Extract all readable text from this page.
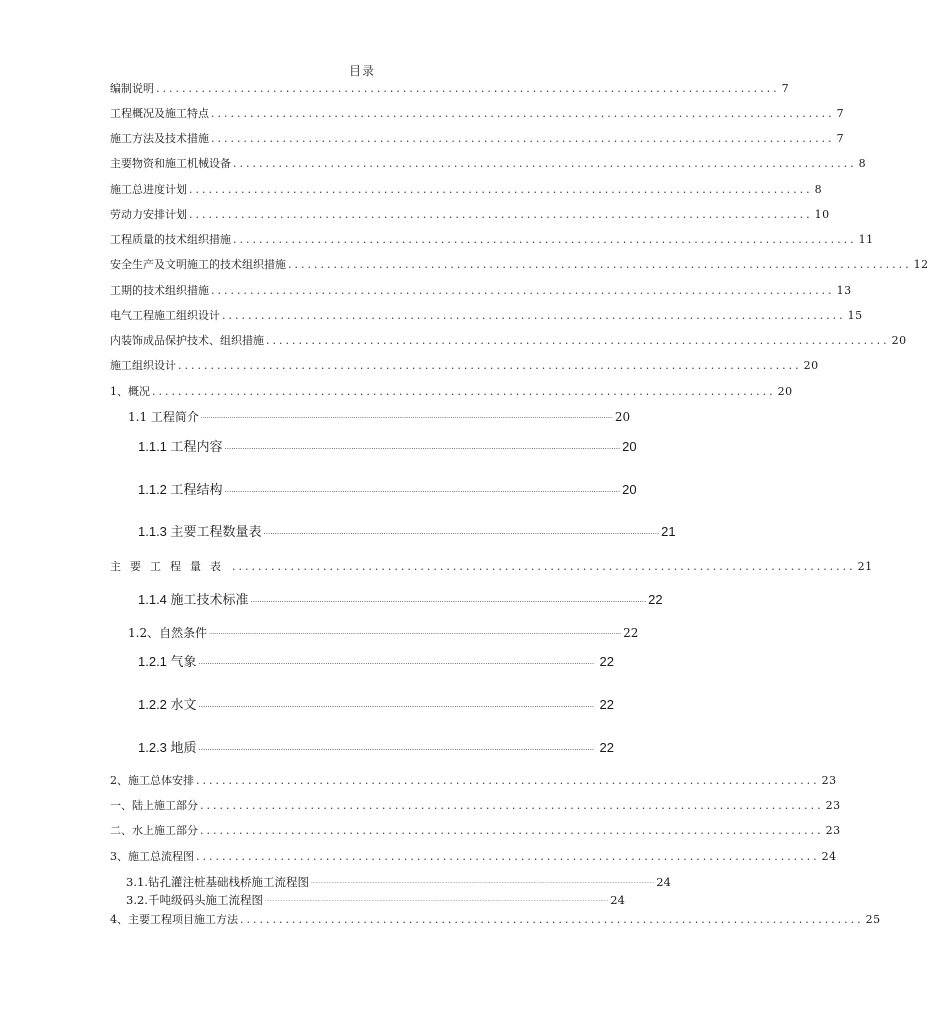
目录
编制说明 ................................................................................................ 7
工程概况及施工特点 ................................................................................................ 7
施工方法及技术措施 ................................................................................................ 7
主要物资和施工机械设备 ................................................................................................ 8
施工总进度计划 ................................................................................................ 8
劳动力安排计划 ................................................................................................ 10
工程质量的技术组织措施 ................................................................................................ 11
安全生产及文明施工的技术组织措施 ................................................................................................ 12
工期的技术组织措施 ................................................................................................ 13
电气工程施工组织设计 ................................................................................................ 15
内装饰成品保护技术、组织措施 ................................................................................................ 20
施工组织设计 ................................................................................................ 20
1、概况 ................................................................................................ 20
1.1 工程简介 ........................................................................................................................................................................................................................ 20
1.1.1 工程内容 .................................................................................................................................................................................. 20
1.1.2 工程结构 .................................................................................................................................................................................. 20
1.1.3 主要工程数量表 .................................................................................................................................................................................. 21
主要工程量表 ................................................................................................ 21
1.1.4 施工技术标准 .................................................................................................................................................................................. 22
1.2、自然条件 ........................................................................................................................................................................................................................ 22
1.2.1 气象 .................................................................................................................................................................................. 22
1.2.2 水文 .................................................................................................................................................................................. 22
1.2.3 地质 .................................................................................................................................................................................. 22
2、施工总体安排 ................................................................................................ 23
一、陆上施工部分 ................................................................................................ 23
二、水上施工部分 ................................................................................................ 23
3、施工总流程图 ................................................................................................ 24
3.1.钻孔灌注桩基础栈桥施工流程图 ........................................................................................................................................................................................................................ 24
3.2.千吨级码头施工流程图 ........................................................................................................................................................................................................................ 24
4、主要工程项目施工方法 ................................................................................................ 25
